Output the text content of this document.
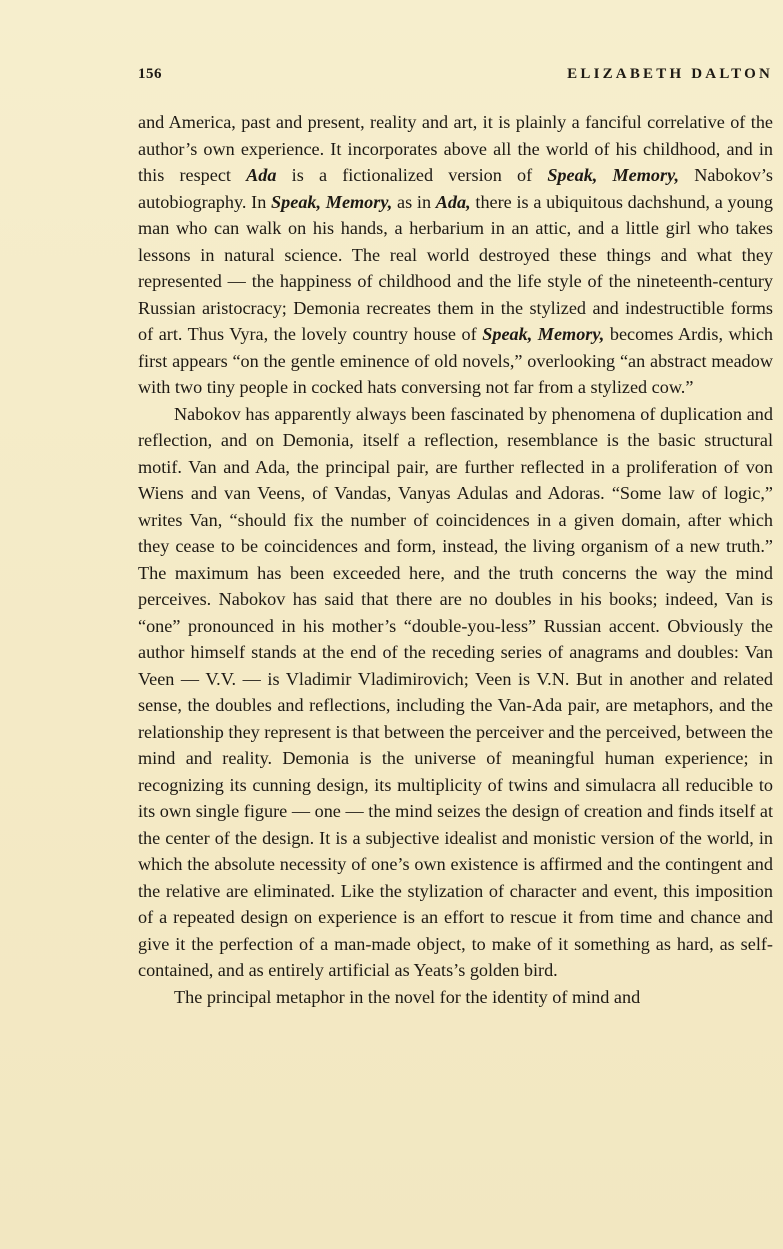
156	ELIZABETH DALTON

and America, past and present, reality and art, it is plainly a fanciful correlative of the author’s own experience. It incorporates above all the world of his childhood, and in this respect Ada is a fictionalized version of Speak, Memory, Nabokov’s autobiography. In Speak, Memory, as in Ada, there is a ubiquitous dachshund, a young man who can walk on his hands, a herbarium in an attic, and a little girl who takes lessons in natural science. The real world destroyed these things and what they represented — the happiness of childhood and the life style of the nineteenth-century Russian aristocracy; Demonia recreates them in the stylized and indestructible forms of art. Thus Vyra, the lovely country house of Speak, Memory, becomes Ardis, which first appears “on the gentle eminence of old novels,” overlooking “an abstract meadow with two tiny people in cocked hats conversing not far from a stylized cow.”

Nabokov has apparently always been fascinated by phenomena of duplication and reflection, and on Demonia, itself a reflection, resemblance is the basic structural motif. Van and Ada, the principal pair, are further reflected in a proliferation of von Wiens and van Veens, of Vandas, Vanyas Adulas and Adoras. “Some law of logic,” writes Van, “should fix the number of coincidences in a given domain, after which they cease to be coincidences and form, instead, the living organism of a new truth.” The maximum has been exceeded here, and the truth concerns the way the mind perceives. Nabokov has said that there are no doubles in his books; indeed, Van is “one” pronounced in his mother’s “double-you-less” Russian accent. Obviously the author himself stands at the end of the receding series of anagrams and doubles: Van Veen — V.V. — is Vladimir Vladimirovich; Veen is V.N. But in another and related sense, the doubles and reflections, including the Van-Ada pair, are metaphors, and the relationship they represent is that between the perceiver and the perceived, between the mind and reality. Demonia is the universe of meaningful human experience; in recognizing its cunning design, its multiplicity of twins and simulacra all reducible to its own single figure — one — the mind seizes the design of creation and finds itself at the center of the design. It is a subjective idealist and monistic version of the world, in which the absolute necessity of one’s own existence is affirmed and the contingent and the relative are eliminated. Like the stylization of character and event, this imposition of a repeated design on experience is an effort to rescue it from time and chance and give it the perfection of a man-made object, to make of it something as hard, as self-contained, and as entirely artificial as Yeats’s golden bird.

The principal metaphor in the novel for the identity of mind and
